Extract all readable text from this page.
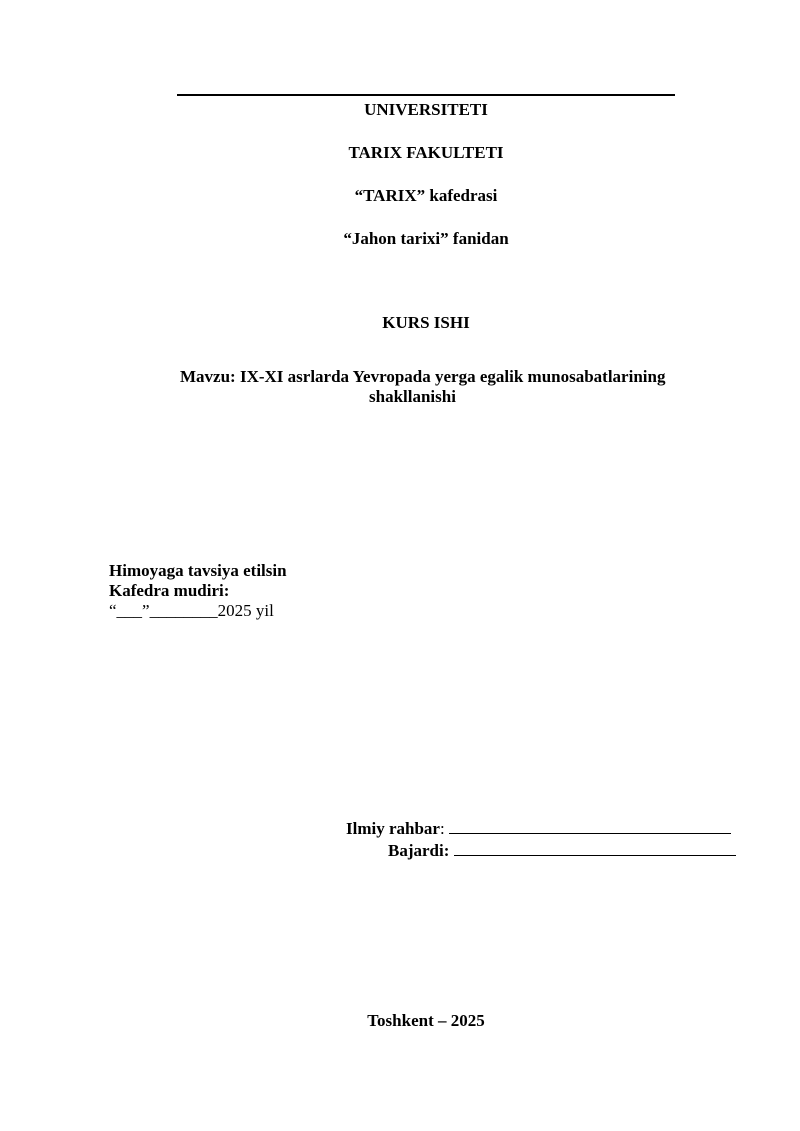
UNIVERSITETI
TARIX FAKULTETI
“TARIX” kafedrasi
“Jahon tarixi” fanidan
KURS ISHI
Mavzu: IX-XI asrlarda Yevropada yerga egalik munosabatlarining
shakllanishi
Himoyaga tavsiya etilsin
Kafedra mudiri:
“___”________2025 yil
Ilmiy rahbar:
Bajardi:
Toshkent – 2025
